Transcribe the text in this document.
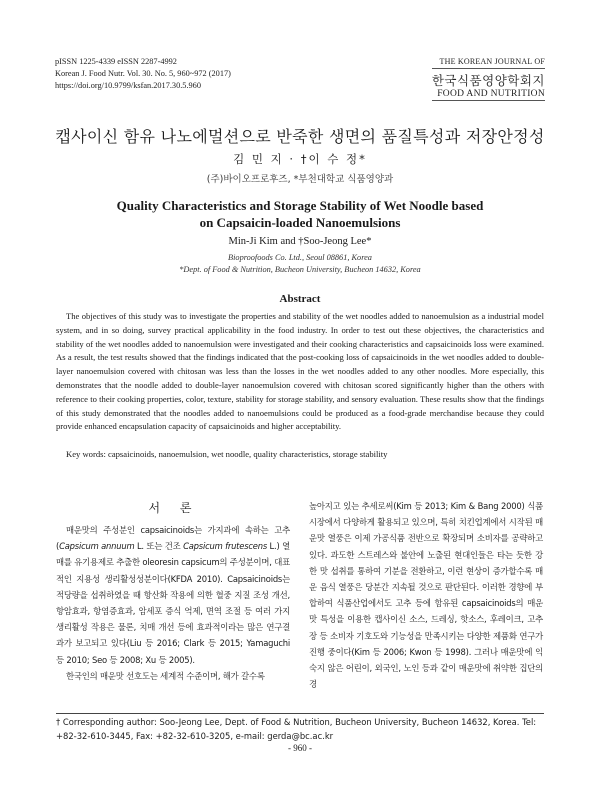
pISSN 1225-4339 eISSN 2287-4992
Korean J. Food Nutr. Vol. 30. No. 5, 960~972 (2017)
https://doi.org/10.9799/ksfan.2017.30.5.960
THE KOREAN JOURNAL OF
한국식품영양학회지
FOOD AND NUTRITION
캡사이신 함유 나노에멀션으로 반죽한 생면의 품질특성과 저장안정성
김 민 지 · †이 수 정*
(주)바이오프로후즈, *부천대학교 식품영양과
Quality Characteristics and Storage Stability of Wet Noodle based
on Capsaicin-loaded Nanoemulsions
Min-Ji Kim and †Soo-Jeong Lee*
Bioproofoods Co. Ltd., Seoul 08861, Korea
*Dept. of Food & Nutrition, Bucheon University, Bucheon 14632, Korea
Abstract

The objectives of this study was to investigate the properties and stability of the wet noodles added to nanoemulsion as a industrial model system, and in so doing, survey practical applicability in the food industry. In order to test out these objectives, the characteristics and stability of the wet noodles added to nanoemulsion were investigated and their cooking characteristics and capsaicinoids loss were examined. As a result, the test results showed that the findings indicated that the post-cooking loss of capsaicinoids in the wet noodles added to double-layer nanoemulsion covered with chitosan was less than the losses in the wet noodles added to any other noodles. More especially, this demonstrates that the noodle added to double-layer nanoemulsion covered with chitosan scored significantly higher than the others with reference to their cooking properties, color, texture, stability for storage stability, and sensory evaluation. These results show that the findings of this study demonstrated that the noodles added to nanoemulsions could be produced as a food-grade merchandise because they could provide enhanced encapsulation capacity of capsaicinoids and higher acceptability.

Key words: capsaicinoids, nanoemulsion, wet noodle, quality characteristics, storage stability
서 론

매운맛의 주성분인 capsaicinoids는 가지과에 속하는 고추(Capsicum annuum L. 또는 건조 Capsicum frutescens L.) 열매를 유기용제로 추출한 oleoresin capsicum의 주성분이며, 대표적인 지용성 생리활성성분이다(KFDA 2010). Capsaicinoids는 적당량을 섭취하였을 때 항산화 작용에 의한 혈중 지질 조성 개선, 항암효과, 항염증효과, 암세포 증식 억제, 면역 조절 등 여러 가지 생리활성 작용은 물론, 치매 개선 등에 효과적이라는 많은 연구결과가 보고되고 있다(Liu 등 2016; Clark 등 2015; Yamaguchi 등 2010; Seo 등 2008; Xu 등 2005).

한국인의 매운맛 선호도는 세계적 수준이며, 해가 갈수록

높아지고 있는 추세로써(Kim 등 2013; Kim & Bang 2000) 식품시장에서 다양하게 활용되고 있으며, 특히 치킨업계에서 시작된 매운맛 열풍은 이제 가공식품 전반으로 확장되며 소비자를 공략하고 있다. 과도한 스트레스와 불안에 노출된 현대인들은 타는 듯한 강한 맛 섭취를 통하여 기분을 전환하고, 이런 현상이 증가할수록 매운 음식 열풍은 당분간 지속될 것으로 판단된다. 이러한 경향에 부합하여 식품산업에서도 고추 등에 함유된 capsaicinoids의 매운맛 특성을 이용한 캡사이신 소스, 드레싱, 핫소스, 후레이크, 고추장 등 소비자 기호도와 기능성을 만족시키는 다양한 제품화 연구가 진행 중이다(Kim 등 2006; Kwon 등 1998). 그러나 매운맛에 익숙지 않은 어린이, 외국인, 노인 등과 같이 매운맛에 취약한 집단의 경

† Corresponding author: Soo-Jeong Lee, Dept. of Food & Nutrition, Bucheon University, Bucheon 14632, Korea. Tel: +82-32-610-3445, Fax: +82-32-610-3205, e-mail: gerda@bc.ac.kr

- 960 -
